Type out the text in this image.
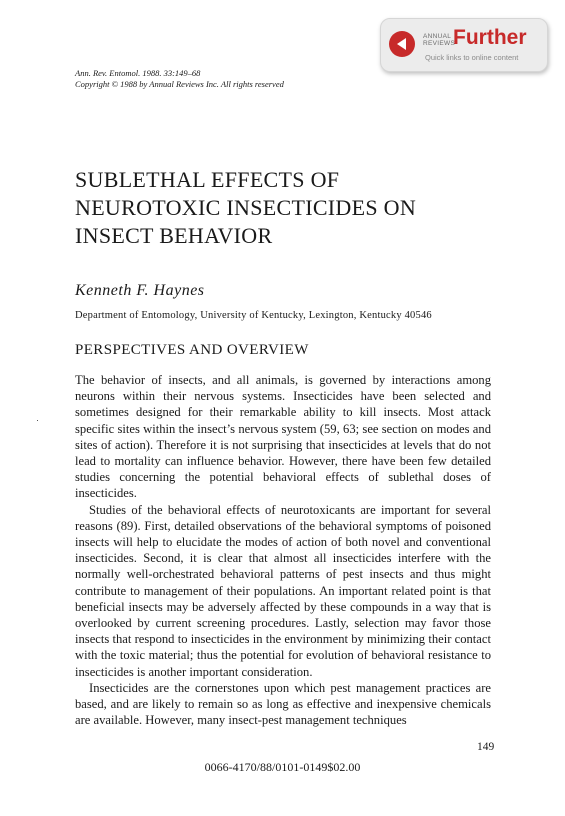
ANNUAL
REVIEWS
Further
Quick links to online content
Ann. Rev. Entomol. 1988. 33:149–68
Copyright © 1988 by Annual Reviews Inc. All rights reserved
SUBLETHAL EFFECTS OF
NEUROTOXIC INSECTICIDES ON
INSECT BEHAVIOR
Kenneth F. Haynes
Department of Entomology, University of Kentucky, Lexington, Kentucky 40546
PERSPECTIVES AND OVERVIEW

The behavior of insects, and all animals, is governed by interactions among neurons within their nervous systems. Insecticides have been selected and sometimes designed for their remarkable ability to kill insects. Most attack specific sites within the insect’s nervous system (59, 63; see section on modes and sites of action). Therefore it is not surprising that insecticides at levels that do not lead to mortality can influence behavior. However, there have been few detailed studies concerning the potential behavioral effects of sublethal doses of insecticides.

Studies of the behavioral effects of neurotoxicants are important for several reasons (89). First, detailed observations of the behavioral symptoms of poisoned insects will help to elucidate the modes of action of both novel and conventional insecticides. Second, it is clear that almost all insecticides interfere with the normally well-orchestrated behavioral patterns of pest insects and thus might contribute to management of their populations. An important related point is that beneficial insects may be adversely affected by these compounds in a way that is overlooked by current screening procedures. Lastly, selection may favor those insects that respond to insecticides in the environment by minimizing their contact with the toxic material; thus the potential for evolution of behavioral resistance to insecticides is another important consideration.

Insecticides are the cornerstones upon which pest management practices are based, and are likely to remain so as long as effective and inexpensive chemicals are available. However, many insect-pest management techniques

149
0066-4170/88/0101-0149$02.00
